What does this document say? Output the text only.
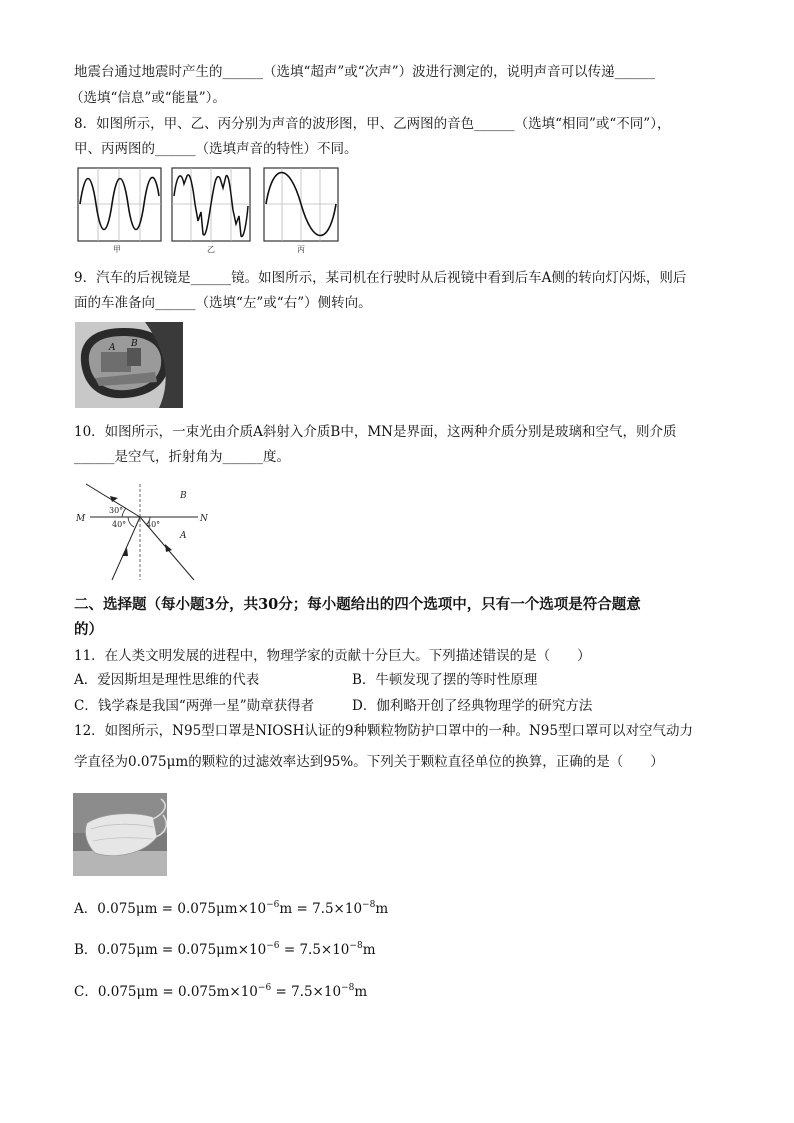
地震台通过地震时产生的______（选填“超声”或“次声”）波进行测定的，说明声音可以传递______
（选填“信息”或“能量”）。
8．如图所示，甲、乙、丙分别为声音的波形图，甲、乙两图的音色______（选填“相同”或“不同”），
甲、丙两图的______（选填声音的特性）不同。
甲	乙	丙
9．汽车的后视镜是______镜。如图所示，某司机在行驶时从后视镜中看到后车A侧的转向灯闪烁，则后
面的车准备向______（选填“左”或“右”）侧转向。
A B
10．如图所示，一束光由介质A斜射入介质B中，MN是界面，这两种介质分别是玻璃和空气，则介质
______是空气，折射角为______度。
M	N
B
A
30°
40° 40°
二、选择题（每小题3分，共30分；每小题给出的四个选项中，只有一个选项是符合题意
的）
11．在人类文明发展的进程中，物理学家的贡献十分巨大。下列描述错误的是（　　）
A．爱因斯坦是理性思维的代表	B．牛顿发现了摆的等时性原理
C．钱学森是我国“两弹一星”勋章获得者	D．伽利略开创了经典物理学的研究方法
12．如图所示，N95型口罩是NIOSH认证的9种颗粒物防护口罩中的一种。N95型口罩可以对空气动力
学直径为0.075μm的颗粒的过滤效率达到95%。下列关于颗粒直径单位的换算，正确的是（　　）
A．$0.075\mu m = 0.075\mu m\times 10^{-6}m = 7.5\times 10^{-8}m$
B．$0.075\mu m = 0.075\mu m\times 10^{-6} = 7.5\times 10^{-8}m$
C．$0.075\mu m = 0.075m\times 10^{-6} = 7.5\times 10^{-8}m$
